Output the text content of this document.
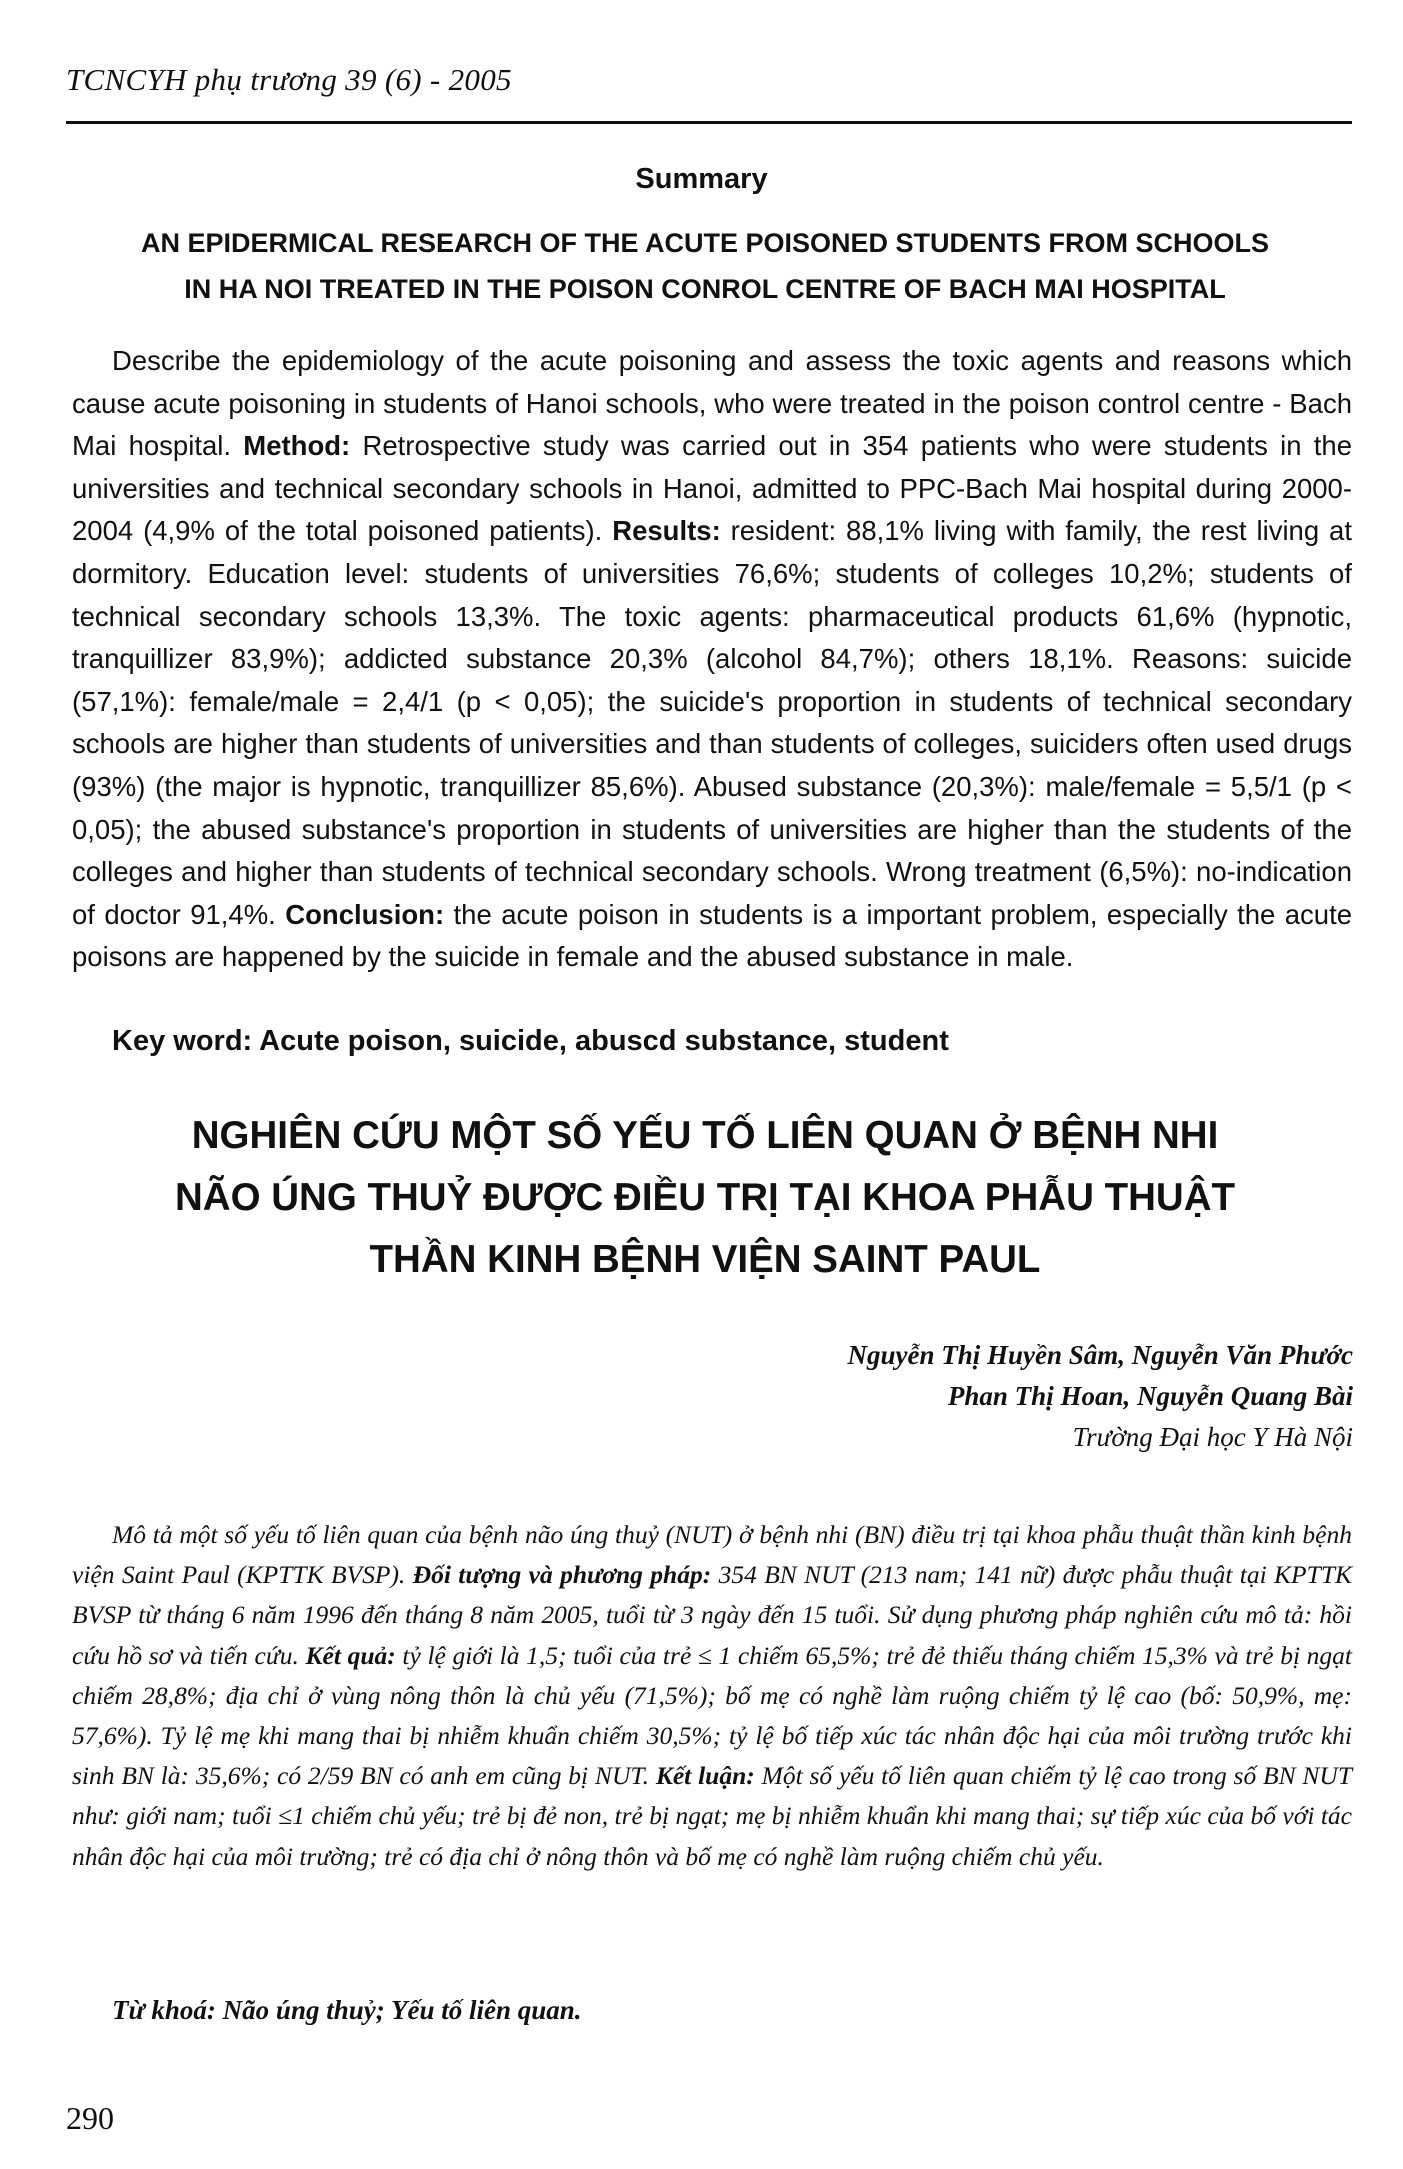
TCNCYH phụ trương 39 (6) - 2005
Summary
AN EPIDERMICAL RESEARCH OF THE ACUTE POISONED STUDENTS FROM SCHOOLS
IN HA NOI TREATED IN THE POISON CONROL CENTRE OF BACH MAI HOSPITAL

Describe the epidemiology of the acute poisoning and assess the toxic agents and reasons which cause acute poisoning in students of Hanoi schools, who were treated in the poison control centre - Bach Mai hospital. Method: Retrospective study was carried out in 354 patients who were students in the universities and technical secondary schools in Hanoi, admitted to PPC-Bach Mai hospital during 2000-2004 (4,9% of the total poisoned patients). Results: resident: 88,1% living with family, the rest living at dormitory. Education level: students of universities 76,6%; students of colleges 10,2%; students of technical secondary schools 13,3%. The toxic agents: pharmaceutical products 61,6% (hypnotic, tranquillizer 83,9%); addicted substance 20,3% (alcohol 84,7%); others 18,1%. Reasons: suicide (57,1%): female/male = 2,4/1 (p < 0,05); the suicide's proportion in students of technical secondary schools are higher than students of universities and than students of colleges, suiciders often used drugs (93%) (the major is hypnotic, tranquillizer 85,6%). Abused substance (20,3%): male/female = 5,5/1 (p < 0,05); the abused substance's proportion in students of universities are higher than the students of the colleges and higher than students of technical secondary schools. Wrong treatment (6,5%): no-indication of doctor 91,4%. Conclusion: the acute poison in students is a important problem, especially the acute poisons are happened by the suicide in female and the abused substance in male.

Key word: Acute poison, suicide, abuscd substance, student
NGHIÊN CỨU MỘT SỐ YẾU TỐ LIÊN QUAN Ở BỆNH NHI
NÃO ÚNG THUỶ ĐƯỢC ĐIỀU TRỊ TẠI KHOA PHẪU THUẬT
THẦN KINH BỆNH VIỆN SAINT PAUL
Nguyễn Thị Huyền Sâm, Nguyễn Văn Phước
Phan Thị Hoan, Nguyễn Quang Bài
Trường Đại học Y Hà Nội

Mô tả một số yếu tố liên quan của bệnh não úng thuỷ (NUT) ở bệnh nhi (BN) điều trị tại khoa phẫu thuật thần kinh bệnh viện Saint Paul (KPTTK BVSP). Đối tượng và phương pháp: 354 BN NUT (213 nam; 141 nữ) được phẫu thuật tại KPTTK BVSP từ tháng 6 năm 1996 đến tháng 8 năm 2005, tuổi từ 3 ngày đến 15 tuổi. Sử dụng phương pháp nghiên cứu mô tả: hồi cứu hồ sơ và tiến cứu. Kết quả: tỷ lệ giới là 1,5; tuổi của trẻ ≤ 1 chiếm 65,5%; trẻ đẻ thiếu tháng chiếm 15,3% và trẻ bị ngạt chiếm 28,8%; địa chỉ ở vùng nông thôn là chủ yếu (71,5%); bố mẹ có nghề làm ruộng chiếm tỷ lệ cao (bố: 50,9%, mẹ: 57,6%). Tỷ lệ mẹ khi mang thai bị nhiễm khuẩn chiếm 30,5%; tỷ lệ bố tiếp xúc tác nhân độc hại của môi trường trước khi sinh BN là: 35,6%; có 2/59 BN có anh em cũng bị NUT. Kết luận: Một số yếu tố liên quan chiếm tỷ lệ cao trong số BN NUT như: giới nam; tuổi ≤1 chiếm chủ yếu; trẻ bị đẻ non, trẻ bị ngạt; mẹ bị nhiễm khuẩn khi mang thai; sự tiếp xúc của bố với tác nhân độc hại của môi trường; trẻ có địa chỉ ở nông thôn và bố mẹ có nghề làm ruộng chiếm chủ yếu.

Từ khoá: Não úng thuỷ; Yếu tố liên quan.
290
